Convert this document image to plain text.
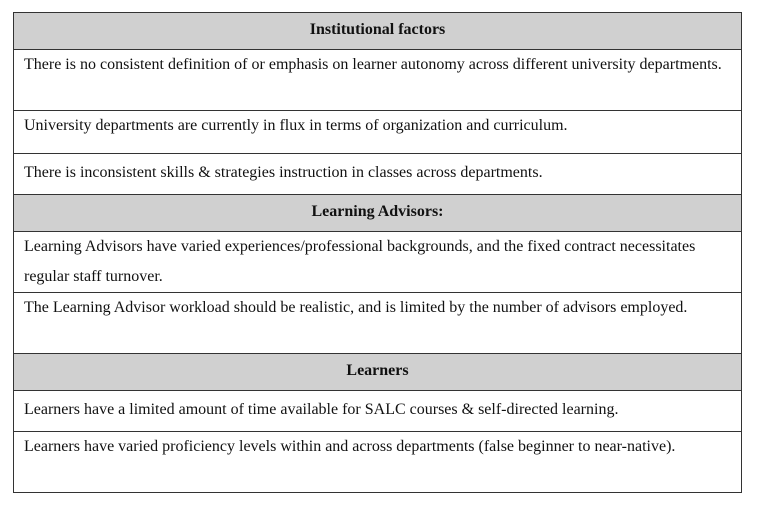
Institutional factors
There is no consistent definition of or emphasis on learner autonomy across different university departments.
University departments are currently in flux in terms of organization and curriculum.
There is inconsistent skills & strategies instruction in classes across departments.
Learning Advisors:
Learning Advisors have varied experiences/professional backgrounds, and the fixed contract necessitates regular staff turnover.
The Learning Advisor workload should be realistic, and is limited by the number of advisors employed.
Learners
Learners have a limited amount of time available for SALC courses & self-directed learning.
Learners have varied proficiency levels within and across departments (false beginner to near-native).
